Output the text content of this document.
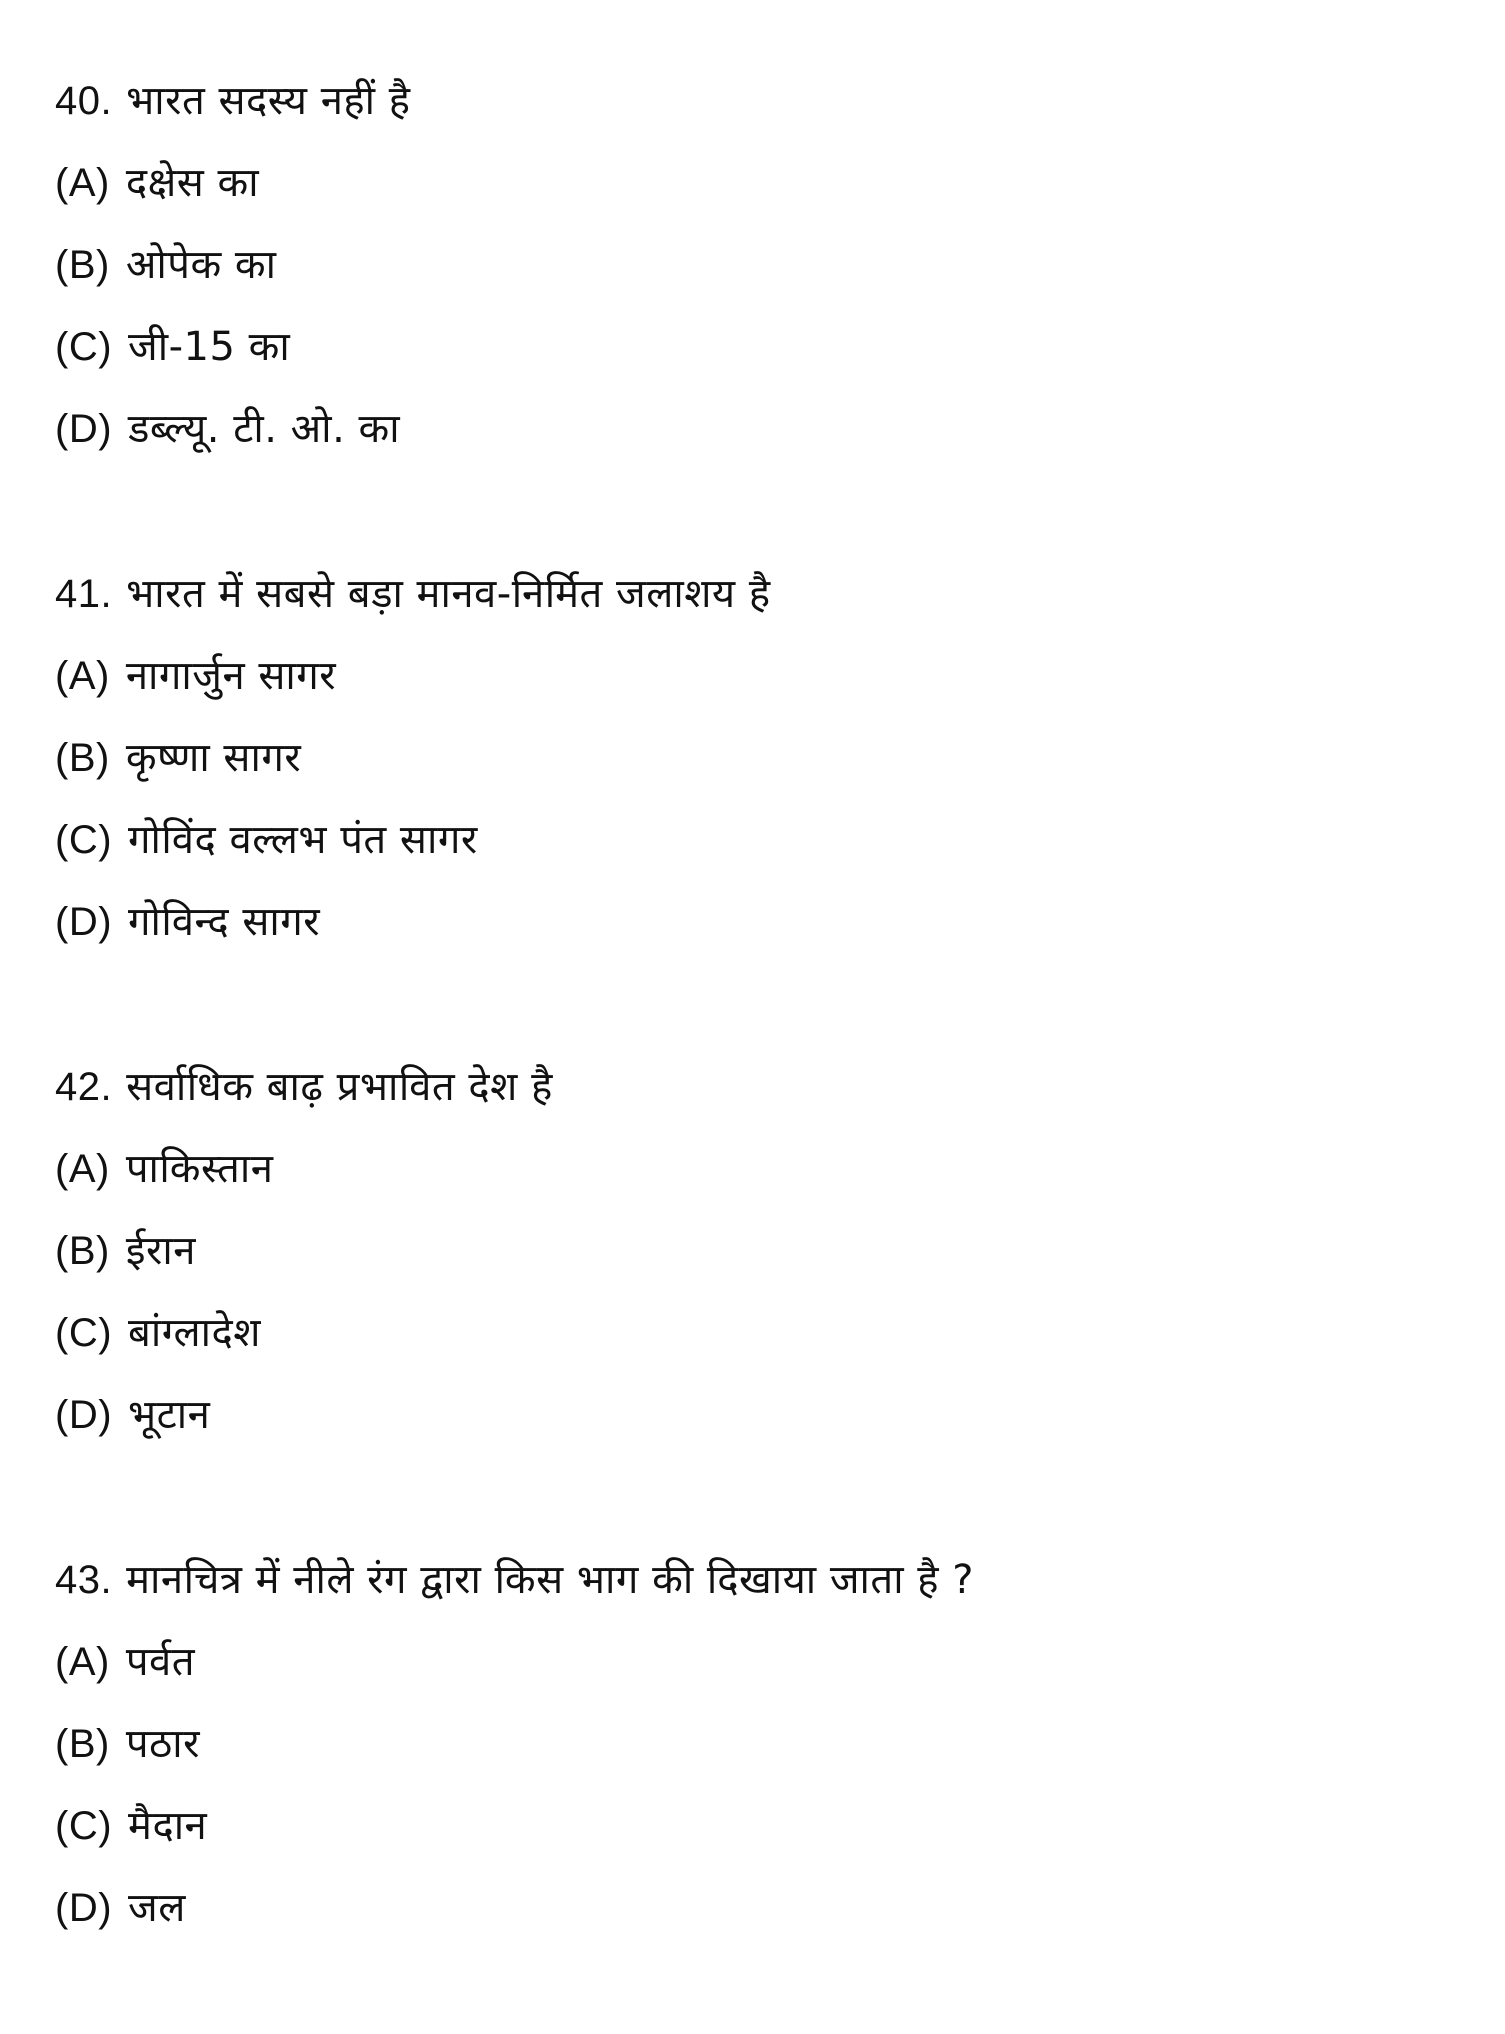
40. भारत सदस्य नहीं है
(A) दक्षेस का
(B) ओपेक का
(C) जी-15 का
(D) डब्ल्यू. टी. ओ. का
41. भारत में सबसे बड़ा मानव-निर्मित जलाशय है
(A) नागार्जुन सागर
(B) कृष्णा सागर
(C) गोविंद वल्लभ पंत सागर
(D) गोविन्द सागर
42. सर्वाधिक बाढ़ प्रभावित देश है
(A) पाकिस्तान
(B) ईरान
(C) बांग्लादेश
(D) भूटान
43. मानचित्र में नीले रंग द्वारा किस भाग की दिखाया जाता है ?
(A) पर्वत
(B) पठार
(C) मैदान
(D) जल
